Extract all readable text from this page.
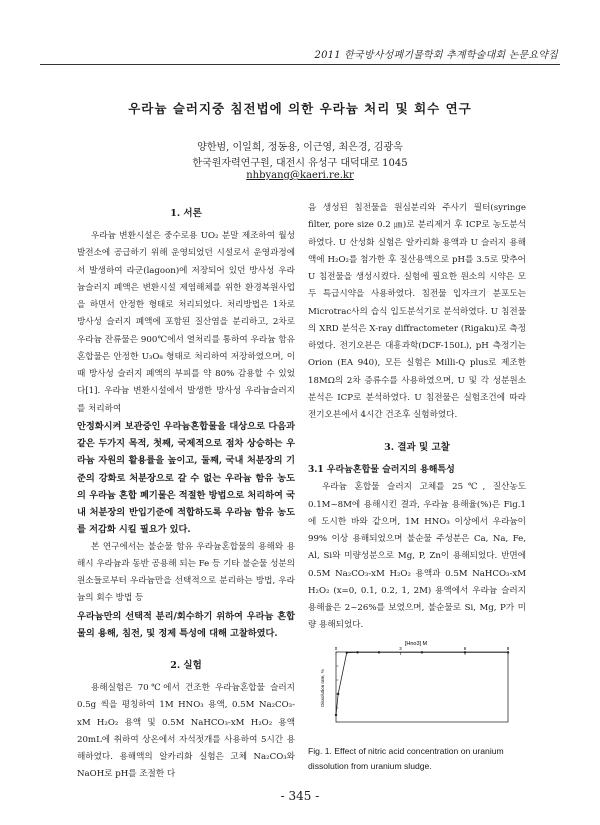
2011 한국방사성폐기물학회 추계학술대회 논문요약집
우라늄 슬러지중 침전법에 의한 우라늄 처리 및 회수 연구
양한범, 이일희, 정동용, 이근영, 최은경, 김광욱
한국원자력연구원, 대전시 유성구 대덕대로 1045
nhbyang@kaeri.re.kr
1. 서론

우라늄 변환시설은 중수로용 UO₂ 분말 제조하여 월성발전소에 공급하기 위해 운영되었던 시설로서 운영과정에서 발생하여 라군(lagoon)에 저장되어 있던 방사성 우라늄슬러지 폐액은 변환시설 제염해체를 위한 환경복원사업을 하면서 안정한 형태로 처리되었다. 처리방법은 1차로 방사성 슬러지 폐액에 포함된 질산염을 분리하고, 2차로 우라늄 잔류물은 900℃에서 열처리를 통하여 우라늄 함유 혼합물은 안정한 U₃O₈ 형태로 처리하여 저장하였으며, 이때 방사성 슬러지 폐액의 부피를 약 80% 감용할 수 있었다[1]. 우라늄 변환시설에서 발생한 방사성 우라늄슬러지를 처리하여

안정화시켜 보관중인 우라늄혼합물을 대상으로 다음과 같은 두가지 목적, 첫째, 국제적으로 점차 상승하는 우라늄 자원의 활용률을 높이고, 둘째, 국내 처분장의 기준의 강화로 처분장으로 갈 수 없는 우라늄 함유 농도의 우라늄 혼합 폐기물은 적절한 방법으로 처리하여 국내 처분장의 반입기준에 적합하도록 우라늄 함유 농도를 저감화 시킬 필요가 있다.

본 연구에서는 불순물 함유 우라늄혼합물의 용해와 용해시 우라늄과 동반 공용해 되는 Fe 등 기타 불순물 성분의 원소들로부터 우라늄만을 선택적으로 분리하는 방법, 우라늄의 회수 방법 등

우라늄만의 선택적 분리/회수하기 위하여 우라늄 혼합물의 용해, 침전, 및 정제 특성에 대해 고찰하였다.

2. 실험

용해실험은 70℃에서 건조한 우라늄혼합물 슬러지 0.5g 씩을 평칭하여 1M HNO₃ 용액, 0.5M Na₂CO₃-xM H₂O₂ 용액 및 0.5M NaHCO₃-xM H₂O₂ 용액 20mL에 취하여 상온에서 자석젓개를 사용하여 5시간 용해하였다. 용해액의 알카리화 실험은 고체 Na₂CO₃와 NaOH로 pH를 조절한 다

음 생성된 침전물을 원심분리와 주사기 필터(syringe filter, pore size 0.2 ㎛)로 분리제거 후 ICP로 농도분석하였다. U 산성화 실험은 알카리화 용액과 U 슬러지 용해액에 H₂O₂를 첨가한 후 질산용액으로 pH를 3.5로 맞추어 U 침전물을 생성시켰다. 실험에 필요한 원소의 시약은 모두 특급시약을 사용하였다. 침전물 입자크기 분포도는 Microtrac사의 습식 입도분석기로 분석하였다. U 침전물의 XRD 분석은 X-ray diffractometer (Rigaku)로 측정하였다. 전기오븐은 대흥과학(DCF-150L), pH 측정기는 Orion (EA 940), 모든 실험은 Milli-Q plus로 제조한 18MΩ의 2차 증류수를 사용하였으며, U 및 각 성분원소 분석은 ICP로 분석하였다. U 침전물은 실험조건에 따라 전기오븐에서 4시간 건조후 실험하였다.

3. 결과 및 고찰
3.1 우라늄혼합물 슬러지의 용해특성

우라늄 혼합물 슬러지 고체를 25℃, 질산농도 0.1M~8M에 용해시킨 결과, 우라늄 용해율(%)은 Fig.1에 도시한 바와 같으며, 1M HNO₃ 이상에서 우라늄이 99% 이상 용해되었으며 불순물 주성분은 Ca, Na, Fe, Al, Si와 미량성분으로 Mg, P, Zn이 용해되었다. 반면에 0.5M Na₂CO₃-xM H₂O₂ 용액과 0.5M NaHCO₃-xM H₂O₂ (x=0, 0.1, 0.2, 1, 2M) 용액에서 우라늄 슬러지 용해율은 2~26%를 보였으며, 불순물로 Si, Mg, P가 미량 용해되었다.

[Hno3] M
0	3	6	8
Dissolution rate, %
Fig. 1. Effect of nitric acid concentration on uranium dissolution from uranium sludge.
- 345 -
